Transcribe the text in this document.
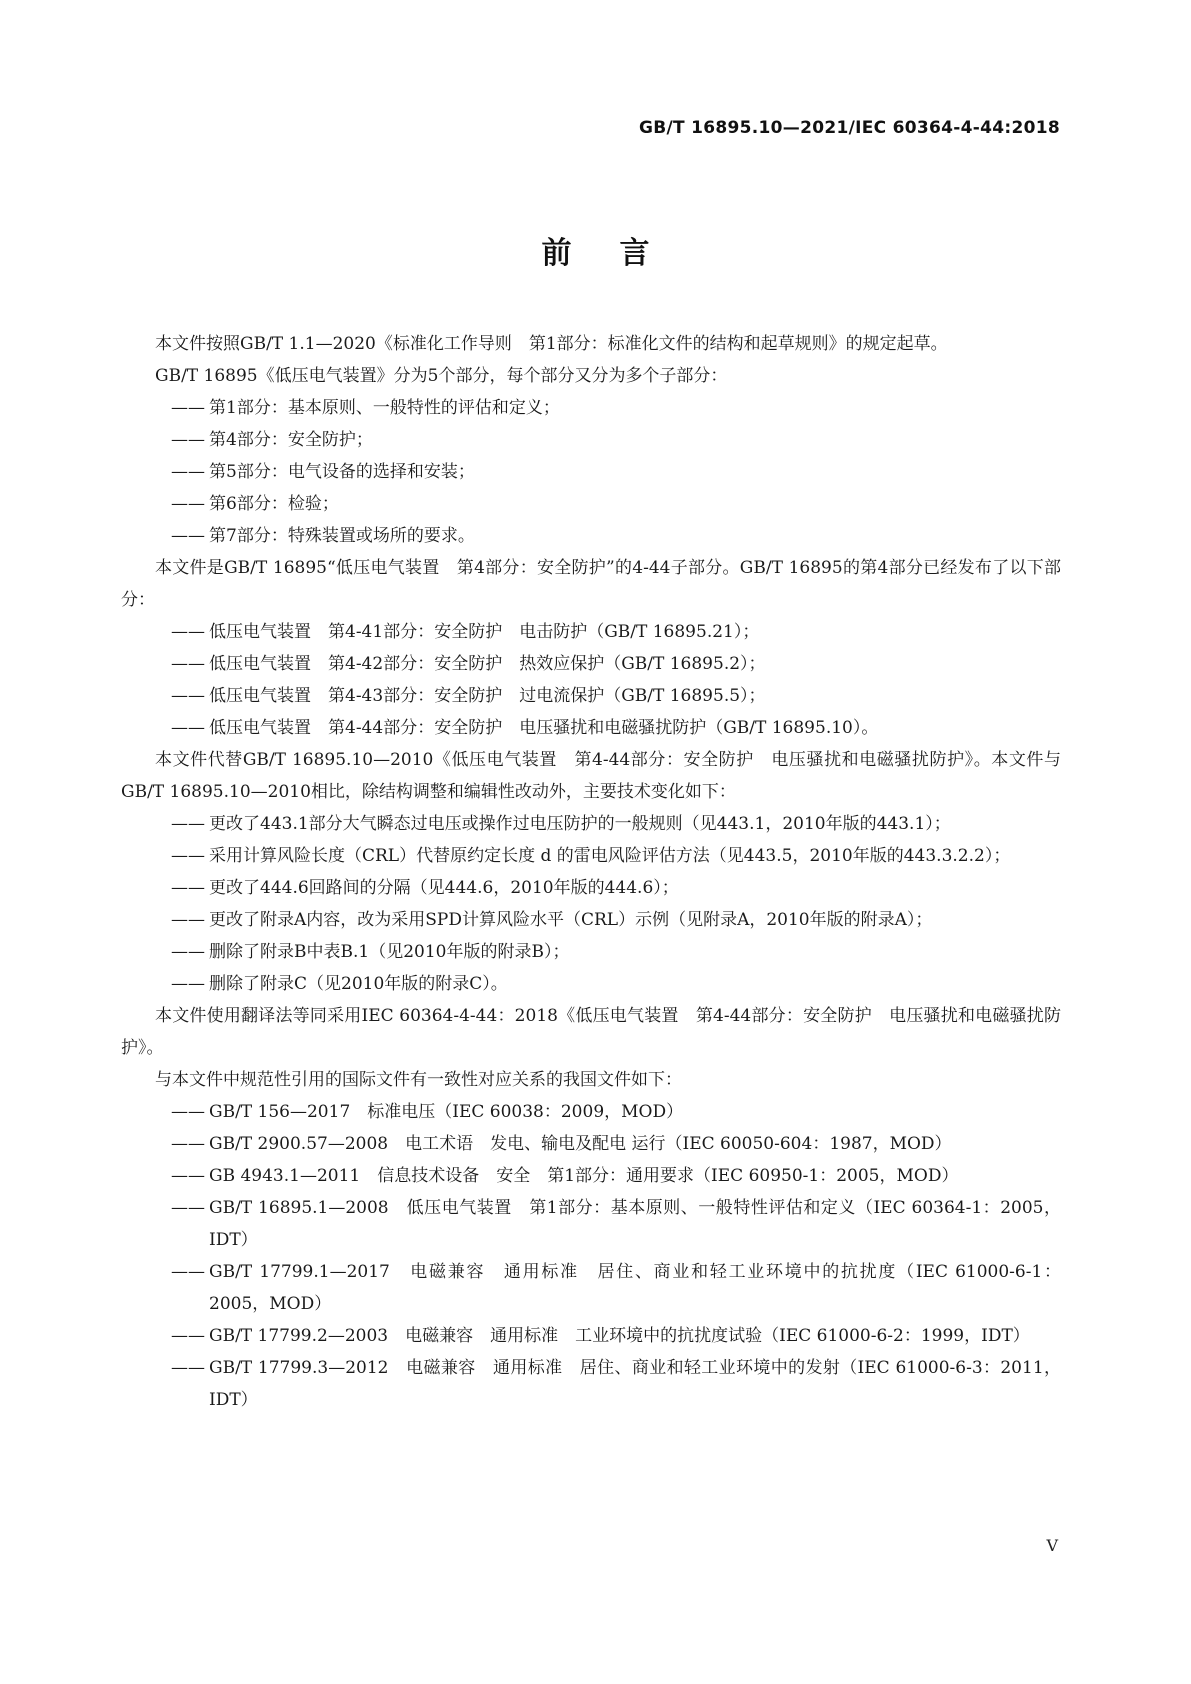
GB/T 16895.10—2021/IEC 60364-4-44:2018
前言

本文件按照GB/T 1.1—2020《标准化工作导则　第1部分：标准化文件的结构和起草规则》的规定起草。

GB/T 16895《低压电气装置》分为5个部分，每个部分又分为多个子部分：

—— 第1部分：基本原则、一般特性的评估和定义；

—— 第4部分：安全防护；

—— 第5部分：电气设备的选择和安装；

—— 第6部分：检验；

—— 第7部分：特殊装置或场所的要求。

本文件是GB/T 16895“低压电气装置　第4部分：安全防护”的4-44子部分。GB/T 16895的第4部分已经发布了以下部分：

—— 低压电气装置　第4-41部分：安全防护　电击防护（GB/T 16895.21）；

—— 低压电气装置　第4-42部分：安全防护　热效应保护（GB/T 16895.2）；

—— 低压电气装置　第4-43部分：安全防护　过电流保护（GB/T 16895.5）；

—— 低压电气装置　第4-44部分：安全防护　电压骚扰和电磁骚扰防护（GB/T 16895.10）。

本文件代替GB/T 16895.10—2010《低压电气装置　第4-44部分：安全防护　电压骚扰和电磁骚扰防护》。本文件与GB/T 16895.10—2010相比，除结构调整和编辑性改动外，主要技术变化如下：

—— 更改了443.1部分大气瞬态过电压或操作过电压防护的一般规则（见443.1，2010年版的443.1）；

—— 采用计算风险长度（CRL）代替原约定长度 d 的雷电风险评估方法（见443.5，2010年版的443.3.2.2）；

—— 更改了444.6回路间的分隔（见444.6，2010年版的444.6）；

—— 更改了附录A内容，改为采用SPD计算风险水平（CRL）示例（见附录A，2010年版的附录A）；

—— 删除了附录B中表B.1（见2010年版的附录B）；

—— 删除了附录C（见2010年版的附录C）。

本文件使用翻译法等同采用IEC 60364-4-44：2018《低压电气装置　第4-44部分：安全防护　电压骚扰和电磁骚扰防护》。

与本文件中规范性引用的国际文件有一致性对应关系的我国文件如下：

—— GB/T 156—2017　标准电压（IEC 60038：2009，MOD）

—— GB/T 2900.57—2008　电工术语　发电、输电及配电 运行（IEC 60050-604：1987，MOD）

—— GB 4943.1—2011　信息技术设备　安全　第1部分：通用要求（IEC 60950-1：2005，MOD）

—— GB/T 16895.1—2008　低压电气装置　第1部分：基本原则、一般特性评估和定义（IEC 60364-1：2005，IDT）

—— GB/T 17799.1—2017　电磁兼容　通用标准　居住、商业和轻工业环境中的抗扰度（IEC 61000-6-1：2005，MOD）

—— GB/T 17799.2—2003　电磁兼容　通用标准　工业环境中的抗扰度试验（IEC 61000-6-2：1999，IDT）

—— GB/T 17799.3—2012　电磁兼容　通用标准　居住、商业和轻工业环境中的发射（IEC 61000-6-3：2011，IDT）

V
